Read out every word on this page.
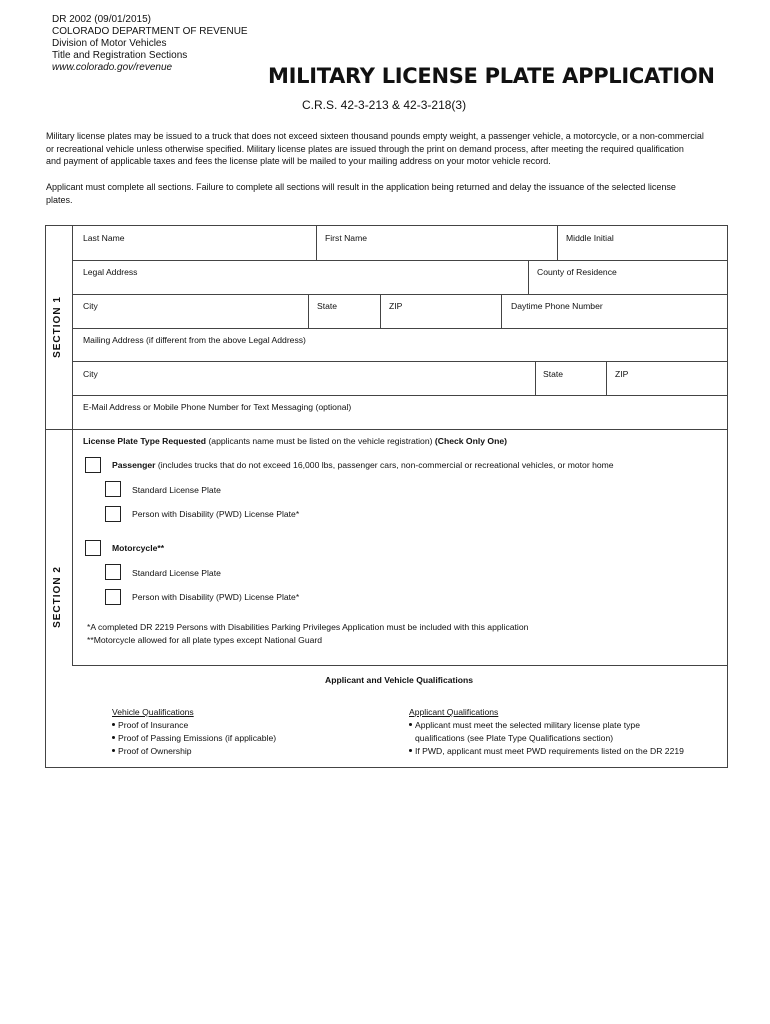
DR 2002 (09/01/2015)
COLORADO DEPARTMENT OF REVENUE
Division of Motor Vehicles
Title and Registration Sections
www.colorado.gov/revenue	MILITARY LICENSE PLATE APPLICATION
C.R.S. 42-3-213 & 42-3-218(3)
Military license plates may be issued to a truck that does not exceed sixteen thousand pounds empty weight, a passenger vehicle, a motorcycle, or a non-commercial
or recreational vehicle unless otherwise specified. Military license plates are issued through the print on demand process, after meeting the required qualification
and payment of applicable taxes and fees the license plate will be mailed to your mailing address on your motor vehicle record.
Applicant must complete all sections. Failure to complete all sections will result in the application being returned and delay the issuance of the selected license
plates.
SECTION 1
SECTION 2
Last Name	First Name	Middle Initial
Legal Address	County of Residence
City	State	ZIP	Daytime Phone Number
Mailing Address (if different from the above Legal Address)
City	State	ZIP
E-Mail Address or Mobile Phone Number for Text Messaging (optional)
License Plate Type Requested (applicants name must be listed on the vehicle registration) (Check Only One)
Passenger (includes trucks that do not exceed 16,000 lbs, passenger cars, non-commercial or recreational vehicles, or motor home
Standard License Plate
Person with Disability (PWD) License Plate*
Motorcycle**
Standard License Plate
Person with Disability (PWD) License Plate*
*A completed DR 2219 Persons with Disabilities Parking Privileges Application must be included with this application
**Motorcycle allowed for all plate types except National Guard
Applicant and Vehicle Qualifications
Vehicle Qualifications
Proof of Insurance
Proof of Passing Emissions (if applicable)
Proof of Ownership
Applicant Qualifications
Applicant must meet the selected military license plate type
qualifications (see Plate Type Qualifications section)
If PWD, applicant must meet PWD requirements listed on the DR 2219
